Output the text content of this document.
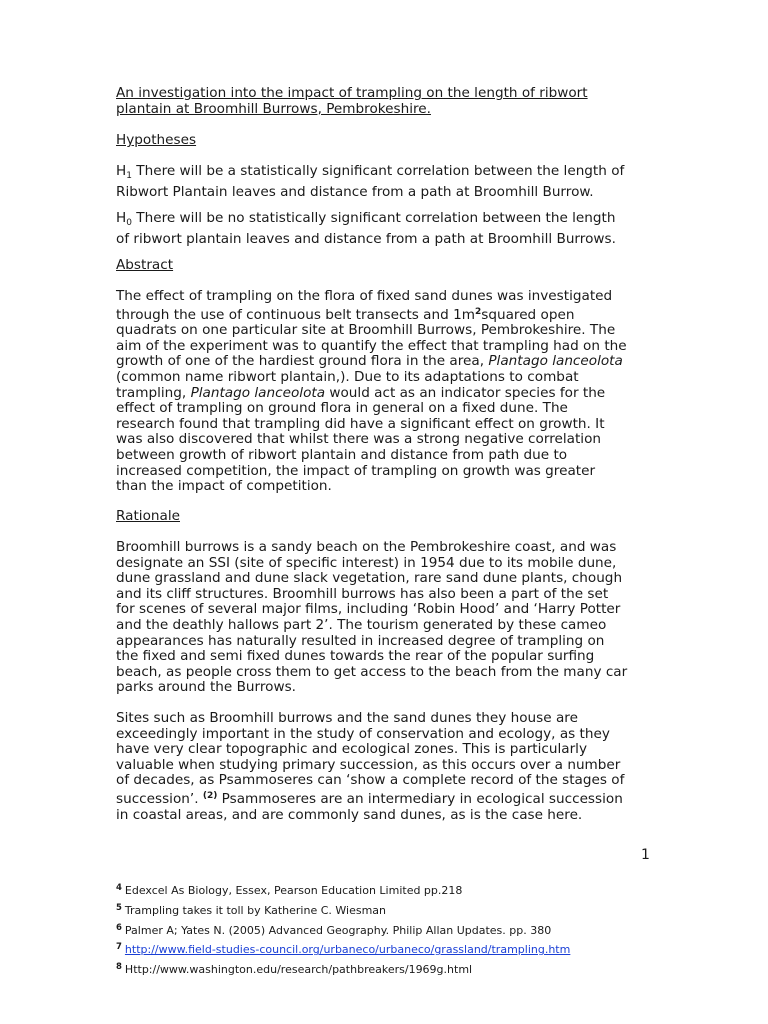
An investigation into the impact of trampling on the length of ribwort
plantain at Broomhill Burrows, Pembrokeshire.
Hypotheses
$H_1$ There will be a statistically significant correlation between the length of
Ribwort Plantain leaves and distance from a path at Broomhill Burrow.
$H_0$ There will be no statistically significant correlation between the length
of ribwort plantain leaves and distance from a path at Broomhill Burrows.
Abstract
The effect of trampling on the flora of fixed sand dunes was investigated
through the use of continuous belt transects and $1m^2squared$ open
quadrats on one particular site at Broomhill Burrows, Pembrokeshire. The
aim of the experiment was to quantify the effect that trampling had on the
growth of one of the hardiest ground flora in the area, Plantago lanceolota
(common name ribwort plantain,). Due to its adaptations to combat
trampling, Plantago lanceolota would act as an indicator species for the
effect of trampling on ground flora in general on a fixed dune. The
research found that trampling did have a significant effect on growth. It
was also discovered that whilst there was a strong negative correlation
between growth of ribwort plantain and distance from path due to
increased competition, the impact of trampling on growth was greater
than the impact of competition.
Rationale
Broomhill burrows is a sandy beach on the Pembrokeshire coast, and was
designate an SSI (site of specific interest) in 1954 due to its mobile dune,
dune grassland and dune slack vegetation, rare sand dune plants, chough
and its cliff structures. Broomhill burrows has also been a part of the set
for scenes of several major films, including ‘Robin Hood’ and ‘Harry Potter
and the deathly hallows part 2’. The tourism generated by these cameo
appearances has naturally resulted in increased degree of trampling on
the fixed and semi fixed dunes towards the rear of the popular surfing
beach, as people cross them to get access to the beach from the many car
parks around the Burrows.
Sites such as Broomhill burrows and the sand dunes they house are
exceedingly important in the study of conservation and ecology, as they
have very clear topographic and ecological zones. This is particularly
valuable when studying primary succession, as this occurs over a number
of decades, as Psammoseres can ‘show a complete record of the stages of
succession’. $^{(2)}$ Psammoseres are an intermediary in ecological succession
in coastal areas, and are commonly sand dunes, as is the case here.
1
$^4$ Edexcel As Biology, Essex, Pearson Education Limited pp.218
$^5$ Trampling takes it toll by Katherine C. Wiesman
$^6$ Palmer A; Yates N. (2005) Advanced Geography. Philip Allan Updates. pp. 380
$^7$ http://www.field-studies-council.org/urbaneco/urbaneco/grassland/trampling.htm
$^8$ Http://www.washington.edu/research/pathbreakers/1969g.html
